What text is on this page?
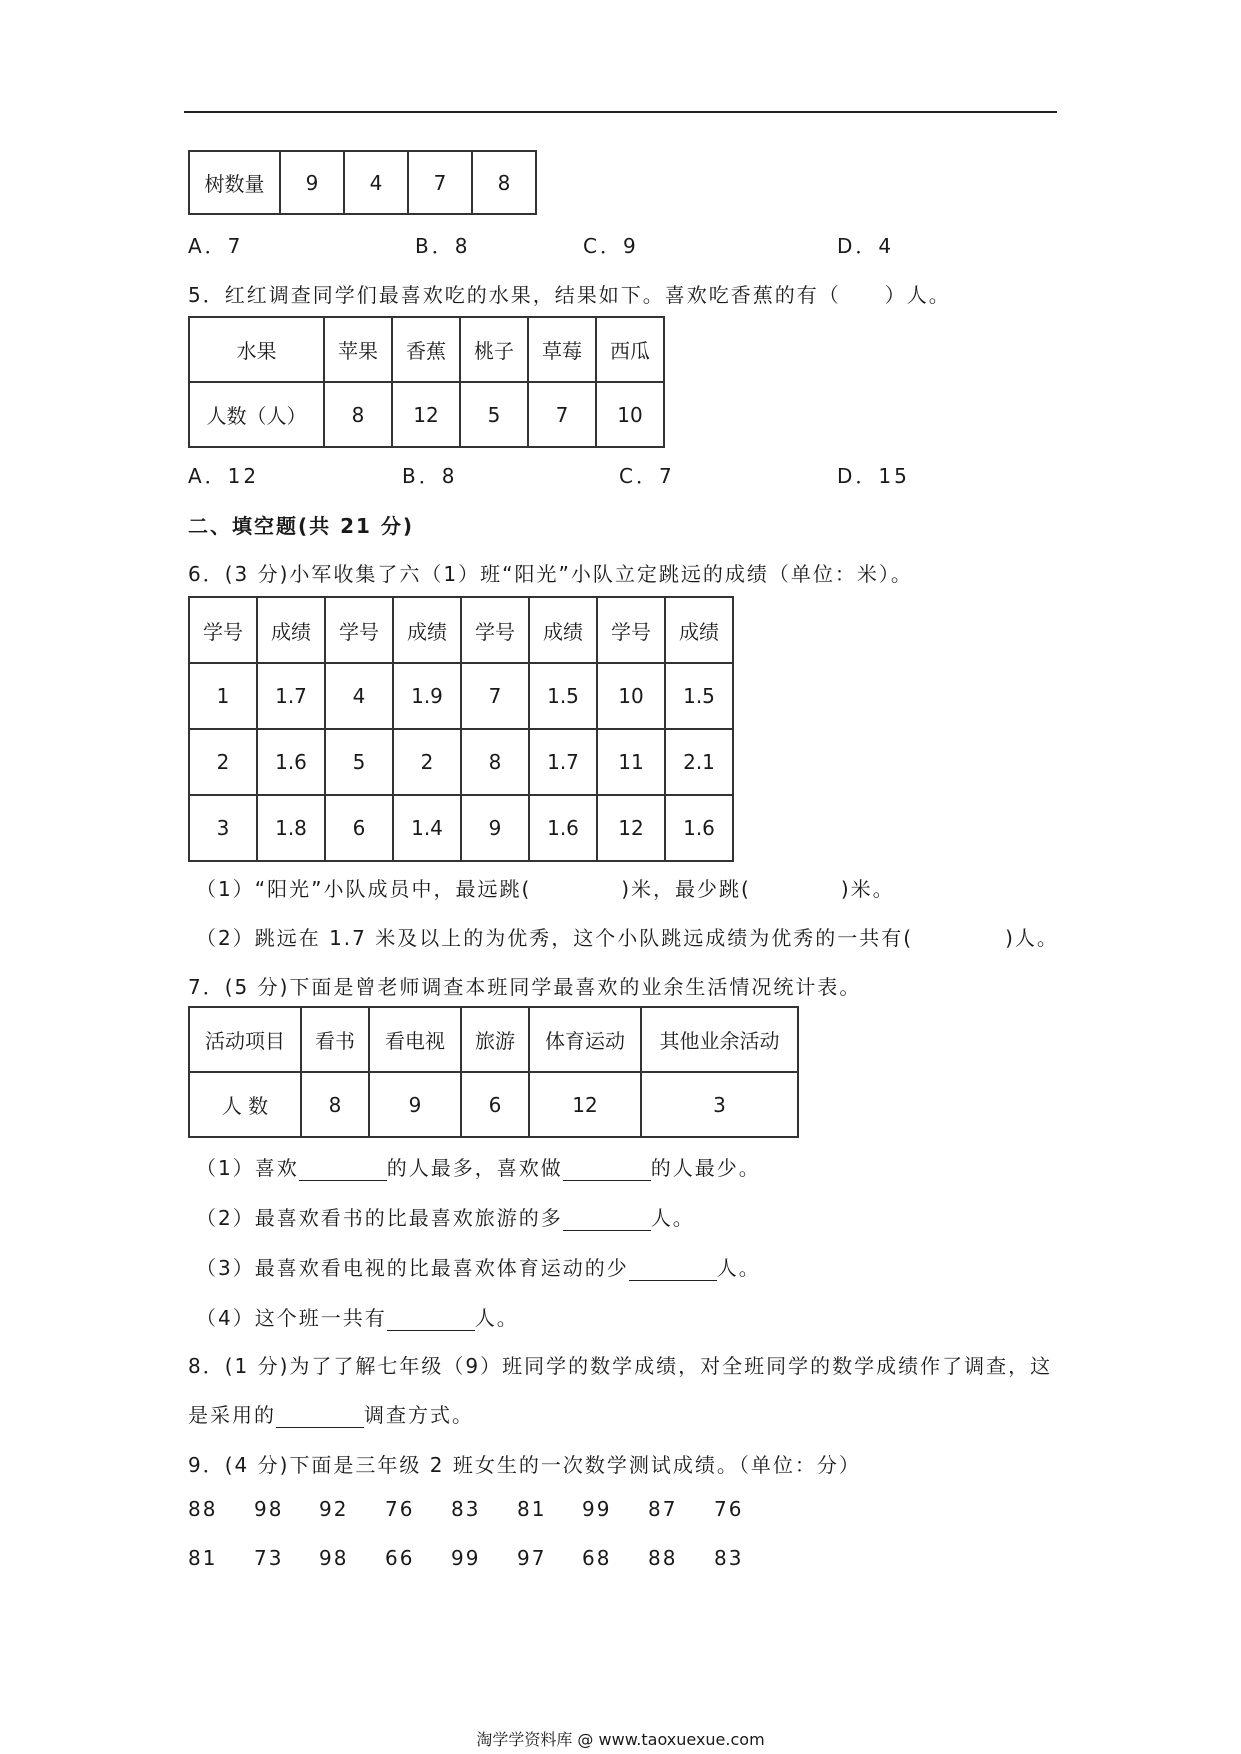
树数量	9	4	7	8
A．7	B．8	C．9	D．4
5．红红调查同学们最喜欢吃的水果，结果如下。喜欢吃香蕉的有（　　）人。
水果	苹果	香蕉	桃子	草莓	西瓜
人数（人）	8	12	5	7	10
A．12	B．8	C．7	D．15
二、填空题(共 21 分)
6．(3 分)小军收集了六（1）班“阳光”小队立定跳远的成绩（单位：米）。
学号	成绩	学号	成绩	学号	成绩	学号	成绩
1	1.7	4	1.9	7	1.5	10	1.5
2	1.6	5	2	8	1.7	11	2.1
3	1.8	6	1.4	9	1.6	12	1.6
（1）“阳光”小队成员中，最远跳(	)米，最少跳(	)米。
（2）跳远在 1.7 米及以上的为优秀，这个小队跳远成绩为优秀的一共有(	)人。
7．(5 分)下面是曾老师调查本班同学最喜欢的业余生活情况统计表。
活动项目	看书	看电视	旅游	体育运动	其他业余活动
人 数	8	9	6	12	3
（1）喜欢	的人最多，喜欢做	的人最少。
（2）最喜欢看书的比最喜欢旅游的多	人。
（3）最喜欢看电视的比最喜欢体育运动的少	人。
（4）这个班一共有	人。
8．(1 分)为了了解七年级（9）班同学的数学成绩，对全班同学的数学成绩作了调查，这
是采用的	调查方式。
9．(4 分)下面是三年级 2 班女生的一次数学测试成绩。（单位：分）
88 98 92 76 83 81 99 87 76
81 73 98 66 99 97 68 88 83
淘学学资料库 @ www.taoxuexue.com
